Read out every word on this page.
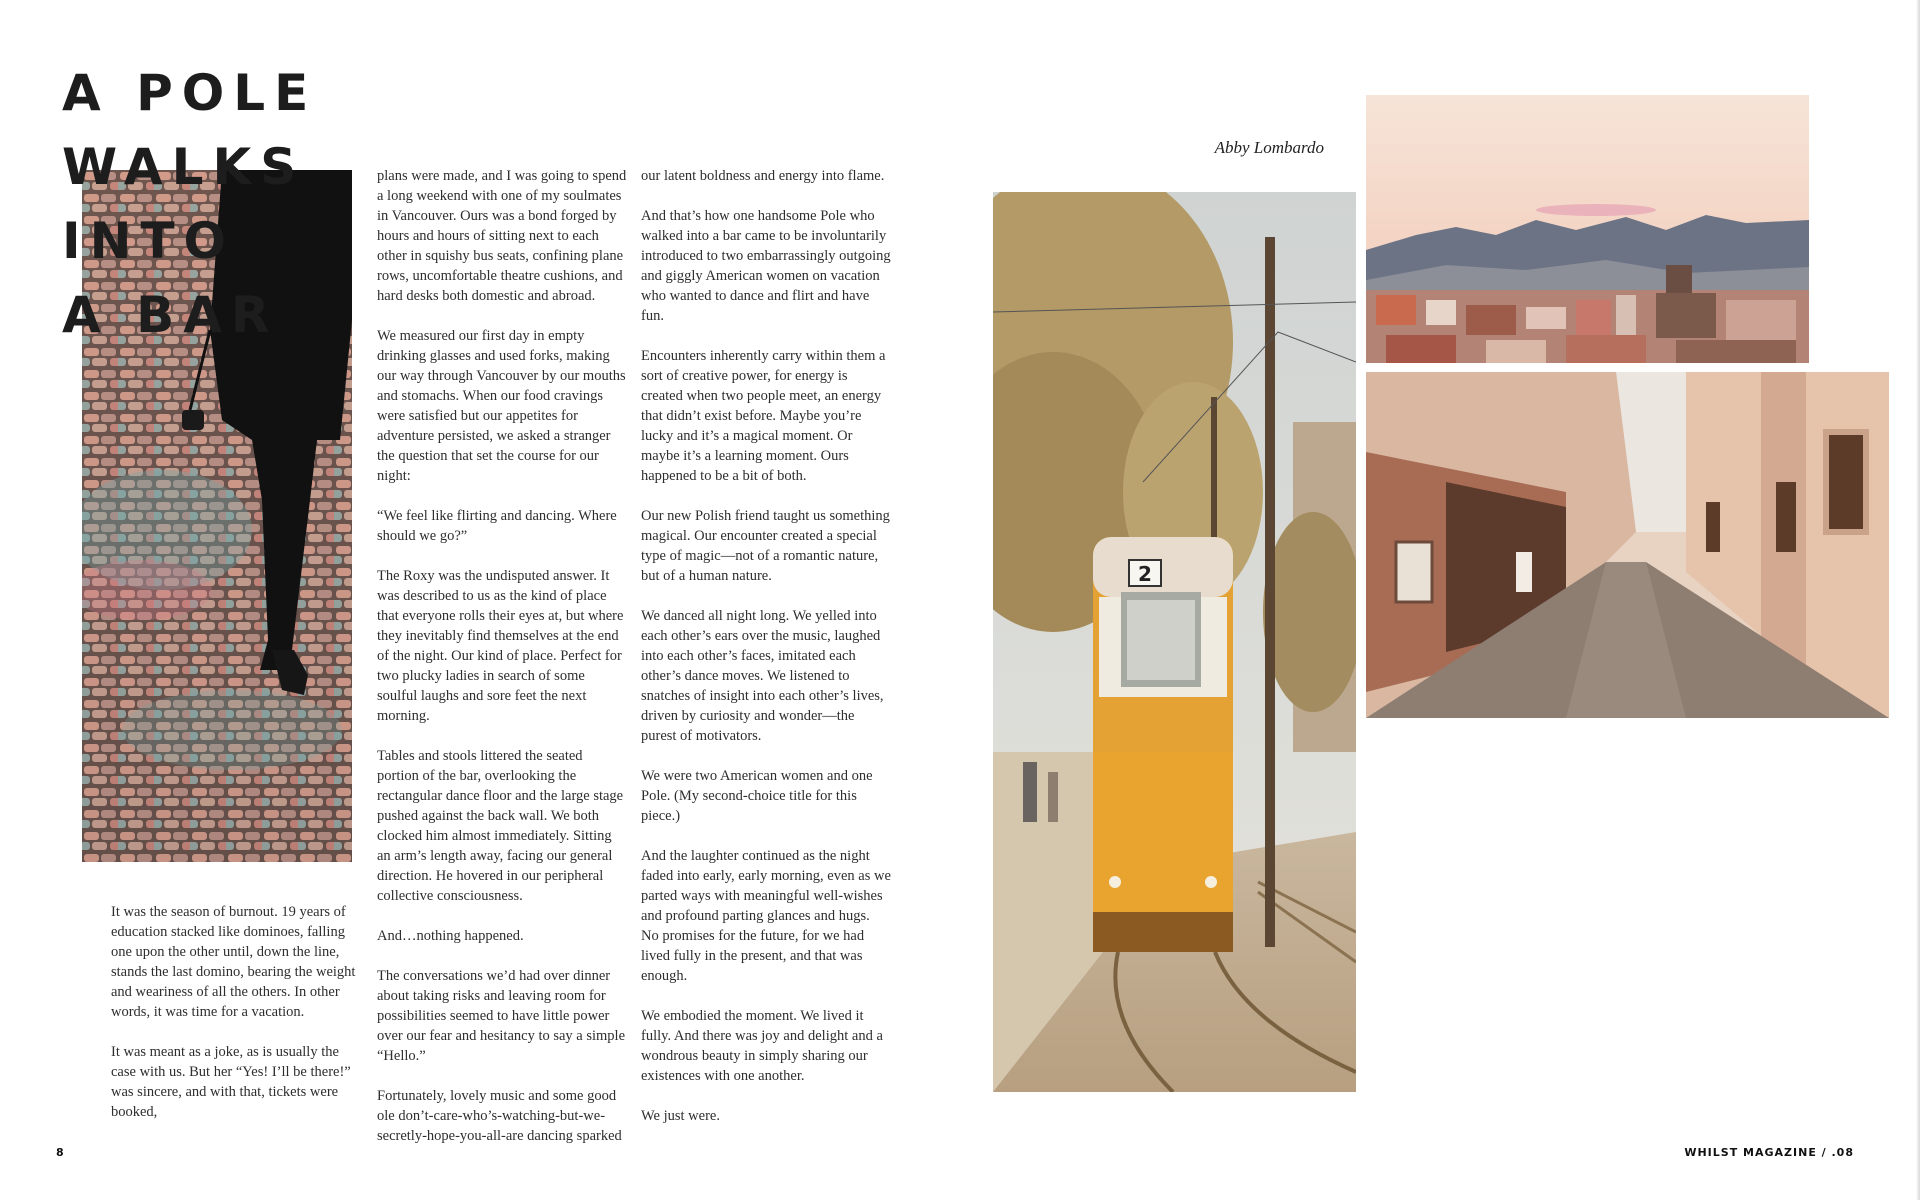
A POLE
WALKS
INTO
A BAR

It was the season of burnout. 19 years of education stacked like dominoes, falling one upon the other until, down the line, stands the last domino, bearing the weight and weariness of all the others. In other words, it was time for a vacation.

It was meant as a joke, as is usually the case with us. But her “Yes! I’ll be there!” was sincere, and with that, tickets were booked,

plans were made, and I was going to spend a long weekend with one of my soulmates in Vancouver. Ours was a bond forged by hours and hours of sitting next to each other in squishy bus seats, confining plane rows, uncomfortable theatre cushions, and hard desks both domestic and abroad.

We measured our first day in empty drinking glasses and used forks, making our way through Vancouver by our mouths and stomachs. When our food cravings were satisfied but our appetites for adventure persisted, we asked a stranger the question that set the course for our night:

“We feel like flirting and dancing. Where should we go?”

The Roxy was the undisputed answer. It was described to us as the kind of place that everyone rolls their eyes at, but where they inevitably find themselves at the end of the night. Our kind of place. Perfect for two plucky ladies in search of some soulful laughs and sore feet the next morning.

Tables and stools littered the seated portion of the bar, overlooking the rectangular dance floor and the large stage pushed against the back wall. We both clocked him almost immediately. Sitting an arm’s length away, facing our general direction. He hovered in our peripheral collective consciousness.

And…nothing happened.

The conversations we’d had over dinner about taking risks and leaving room for possibilities seemed to have little power over our fear and hesitancy to say a simple “Hello.”

Fortunately, lovely music and some good ole don’t-care-who’s-watching-but-we-secretly-hope-you-all-are dancing sparked

our latent boldness and energy into flame.

And that’s how one handsome Pole who walked into a bar came to be involuntarily introduced to two embarrassingly outgoing and giggly American women on vacation who wanted to dance and flirt and have fun.

Encounters inherently carry within them a sort of creative power, for energy is created when two people meet, an energy that didn’t exist before. Maybe you’re lucky and it’s a magical moment. Or maybe it’s a learning moment. Ours happened to be a bit of both.

Our new Polish friend taught us something magical. Our encounter created a special type of magic—not of a romantic nature, but of a human nature.

We danced all night long. We yelled into each other’s ears over the music, laughed into each other’s faces, imitated each other’s dance moves. We listened to snatches of insight into each other’s lives, driven by curiosity and wonder—the purest of motivators.

We were two American women and one Pole. (My second-choice title for this piece.)

And the laughter continued as the night faded into early, early morning, even as we parted ways with meaningful well-wishes and profound parting glances and hugs. No promises for the future, for we had lived fully in the present, and that was enough.

We embodied the moment. We lived it fully. And there was joy and delight and a wondrous beauty in simply sharing our existences with one another.

We just were.

Abby Lombardo
2
8	WHILST MAGAZINE / .08
